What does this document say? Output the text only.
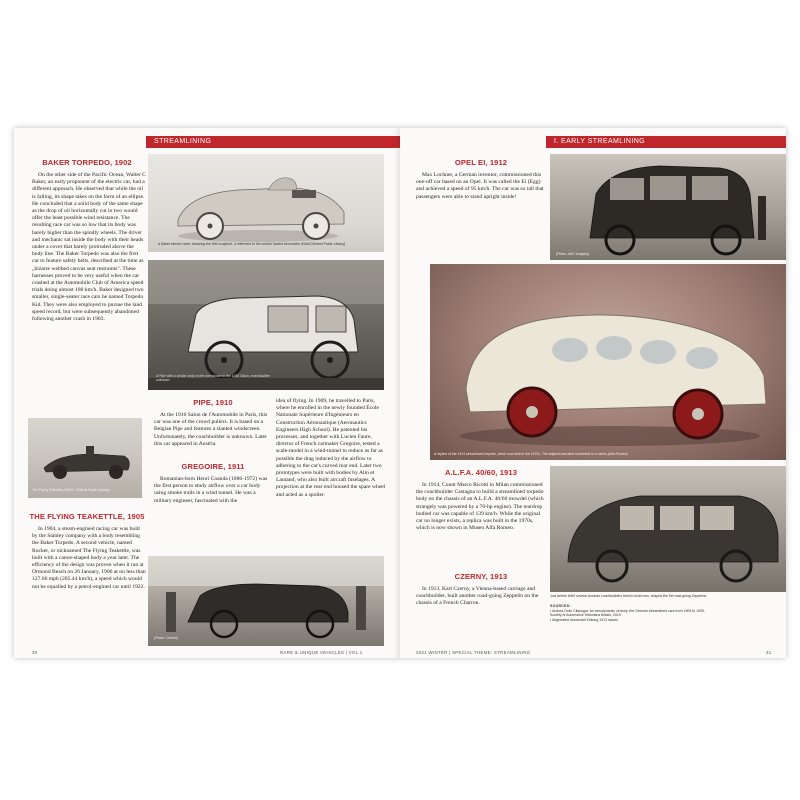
STREAMLINING
BAKER TORPEDO, 1902

On the other side of the Pacific Ocean, Walter C Baker, an early proponent of the electric car, had a different approach. He observed that while the oil is falling, its shape takes on the form of an ellipse. He concluded that a solid body of the same shape as the drop of oil horizontally cut in two would offer the least possible wind resistance. The resulting race car was so low that its body was barely higher than the spindly wheels. The driver and mechanic sat inside the body with their heads under a cover that barely protruded above the body line. The Baker Torpedo was also the first car to feature safety belts, described at the time as „bizarre webbed canvas seat restraints". These harnesses proved to be very useful when the car crashed at the Automobile Club of America speed trials doing almost 180 km/h. Baker designed two smaller, single-seater race cars he named Torpedo Kid. They were also employed to pursue the land speed record, but were subsequently abandoned following another crash in 1903.

A Baker electric racer, featuring the 999 sculpture, a reference to the world's fastest locomotive (NAHC/Detroit Public Library)
A Pipe with a similar body to the one shown in the 1910 Salon, coachbuilder unknown
The Flying Teakettle (NAHC / Detroit Public Library)
THE FLYING TEAKETTLE, 1905

In 1904, a steam-engined racing car was built by the Stanley company with a body resembling the Baker Torpedo. A second vehicle, named Rocket, or nicknamed The Flying Teakettle, was built with a canoe-shaped body a year later. The efficiency of the design was proven when it ran at Ormond Beach on 26 January, 1906 at no less than 127.66 mph (205.44 km/h), a speed which would not be equalled by a petrol-engined car until 1922.

PIPE, 1910

At the 1910 Salon de l'Automobile in Paris, this car was one of the crowd pullers. It is based on a Belgian Pipe and features a slanted windscreen. Unfortunately, the coachbuilder is unknown. Later this car appeared in Austria.

GREGOIRE, 1911

Romanian-born Henri Coanda (1886-1972) was the first person to study airflow over a car body using smoke trails in a wind tunnel. He was a military engineer, fascinated with the

idea of flying. In 1909, he travelled to Paris, where he enrolled in the newly founded École Nationale Supérieure d'Ingénieurs en Construction Aéronautique (Aeronautics Engineers High School). He patented his processes, and together with Lucien Faure, director of French carmaker Gregoire, tested a scale-model in a wind-tunnel to reduce as far as possible the drag induced by the airflow to adhering to the car's curved rear end. Later two prototypes were built with bodies by Alin et Lautand, who also built aircraft fuselages. A projection at the rear end housed the spare wheel and acted as a spoiler.

(Photo: Cubero)
30	RARE & UNIQUE VEHICLES | VOL 1
I. EARLY STREAMLINING
OPEL EI, 1912

Max Lochner, a German inventor, commissioned this one-off car based on an Opel. It was called the Ei (Egg) and achieved a speed of 95 km/h. The car was so tall that passengers were able to stand upright inside!

(Photo: AAG Imagery)
A replica of the 1913 streamlined torpedo, which was built in the 1970s. The original was later converted to a cabrio (Alfa Romeo)
A.L.F.A. 40/60, 1913

In 1914, Count Marco Ricotti in Milan commissioned the coachbuilder Castagna to build a streamlined torpedo body on the chassis of an A.L.F.A. 40/60 mowdel (which strangely was powered by a 70-hp engine). The teardrop bodied car was capable of 139 km/h. While the original car no longer exists, a replica was built in the 1970s, which is now shown in Museo Alfa Romeo.

CZERNY, 1913

In 1913, Karl Czerny, a Vienna-based carriage and coachbuilder, built another road-going Zeppelin on the chassis of a French Charron.

Just before WWI several Austrian coachbuilders tried to build cars, shaped like the road-going Zeppelins
SOURCES:
• Andrea Dolio Cliasugar: An aerodynamic century: the German streamlined cars from 1909 to 1939,
Society of Automotive Historians Britain, 2019
• Allgemeine Automobil Zeitung 1913 issues
2021 WINTER | SPECIAL THEME: STREAMLINING	31
